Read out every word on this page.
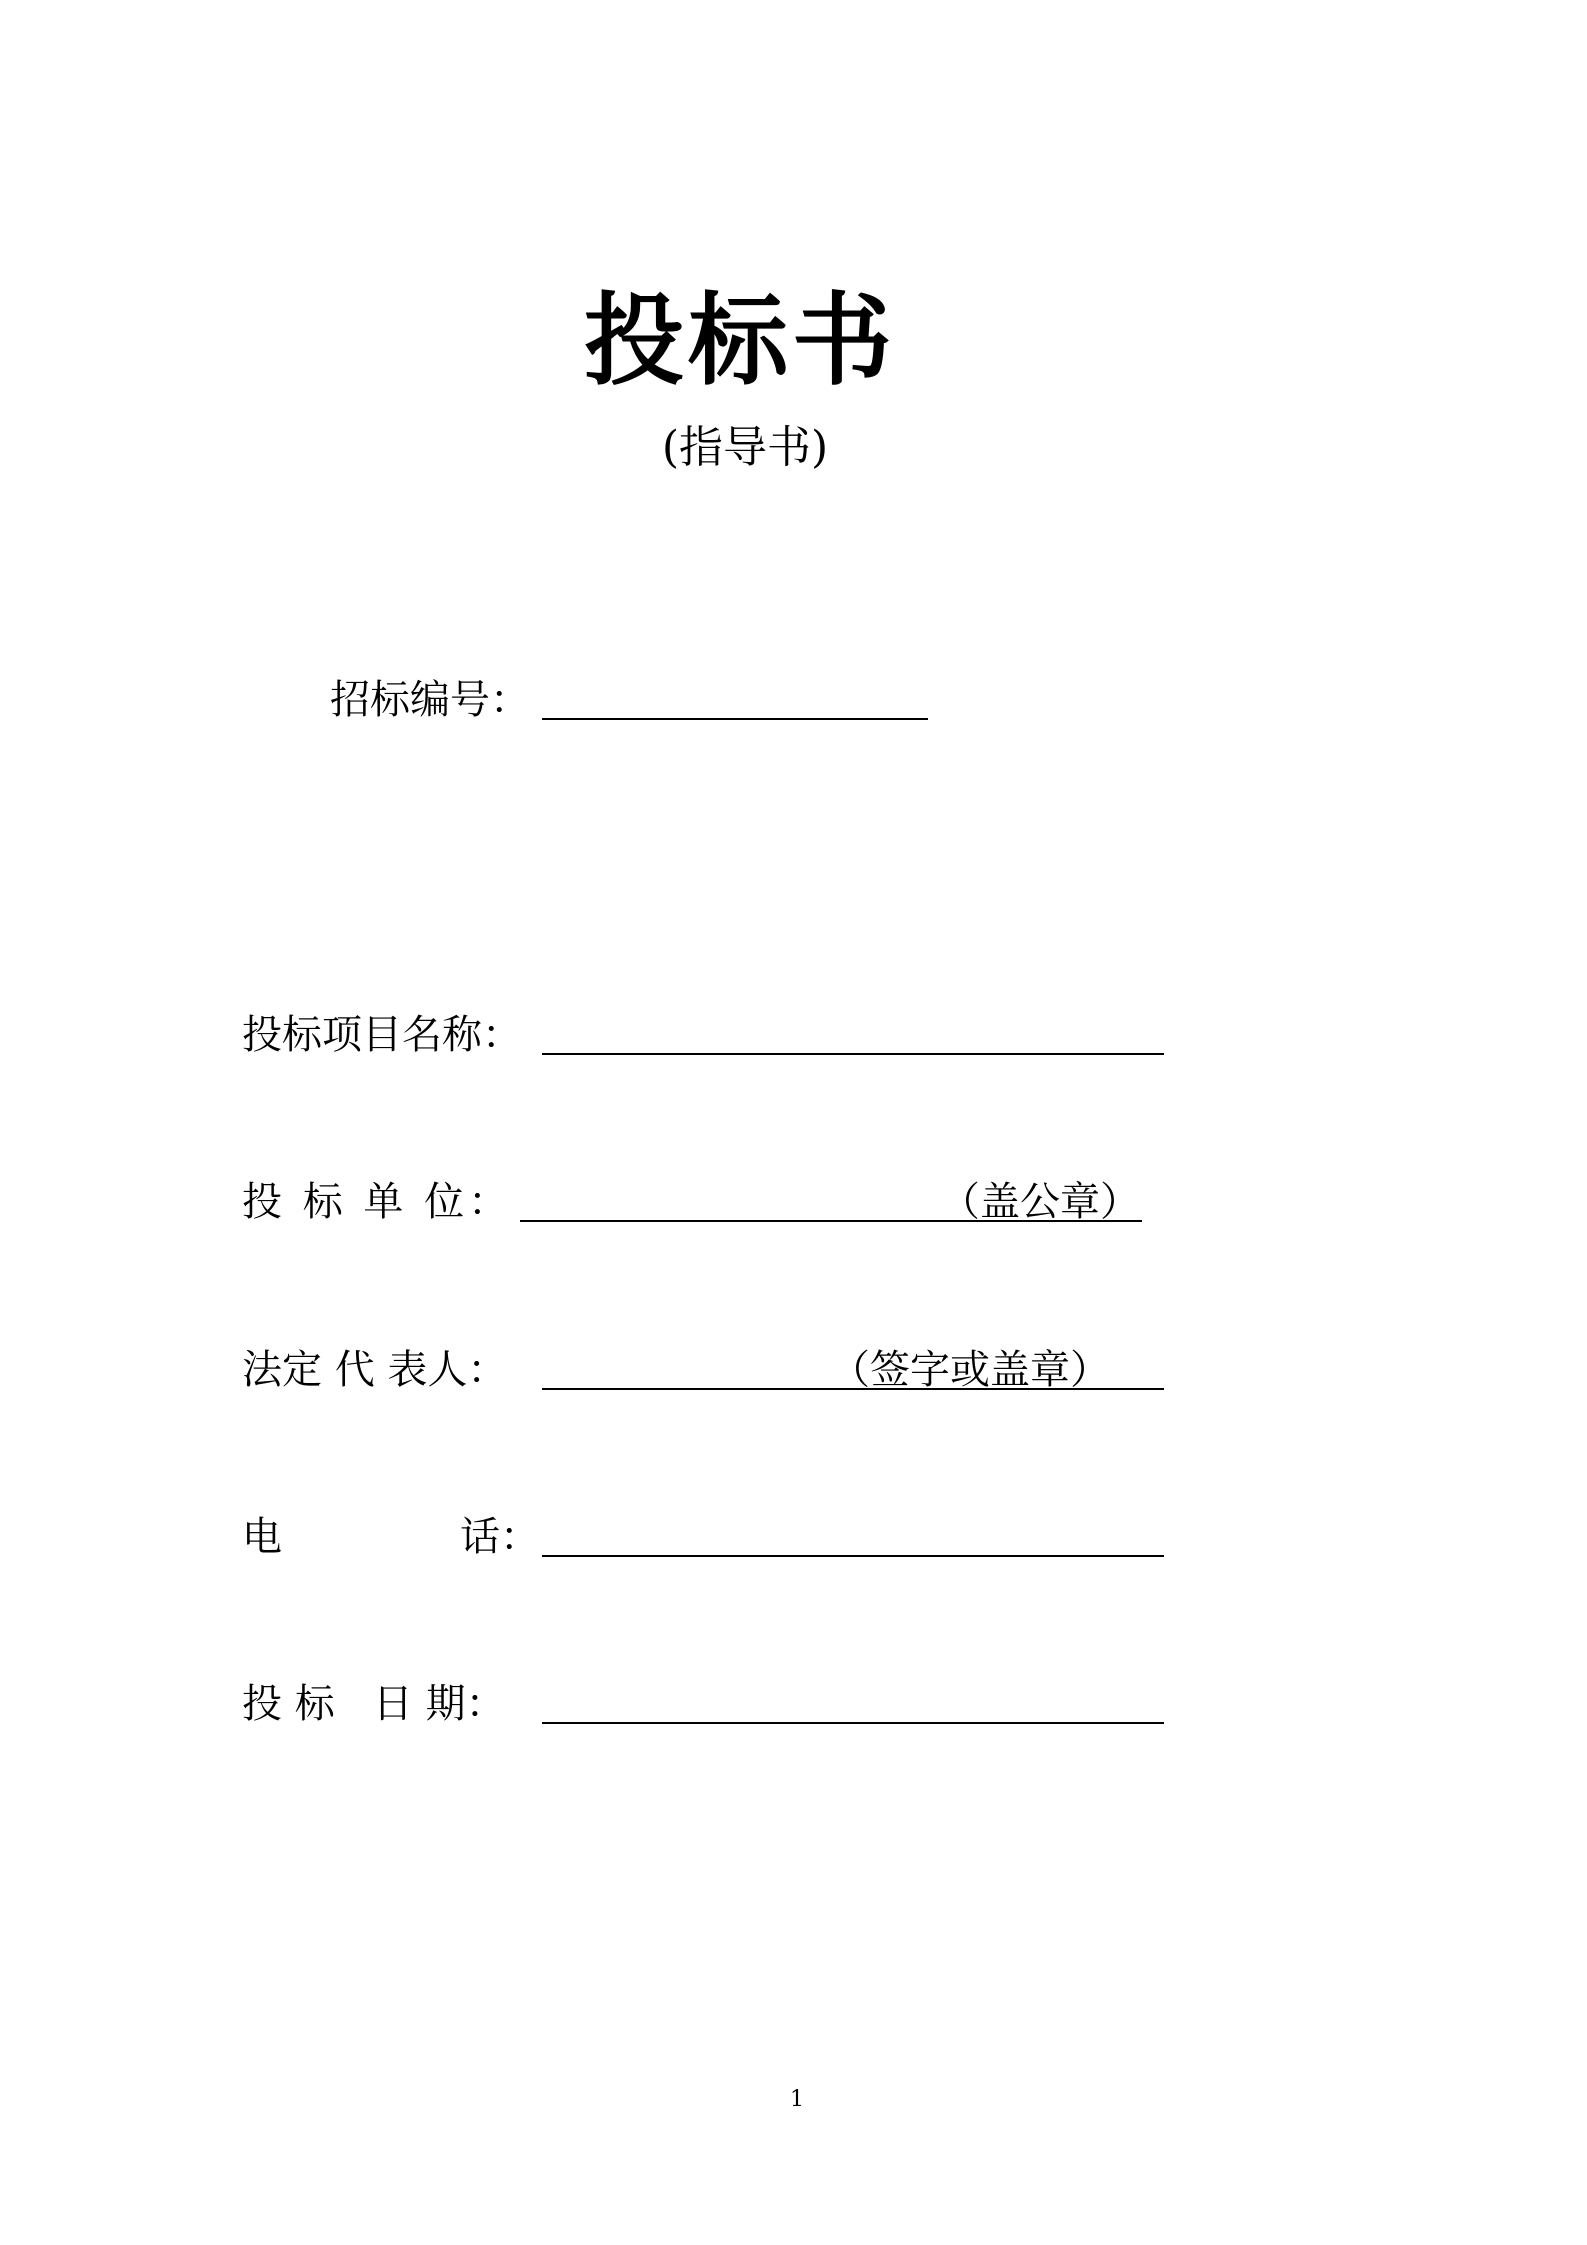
投标书
(指导书)
招标编号：
投标项目名称：
投 标 单 位：	（盖公章）
法定 代 表人：	（签字或盖章）
电	话：
投 标   日 期：
1
